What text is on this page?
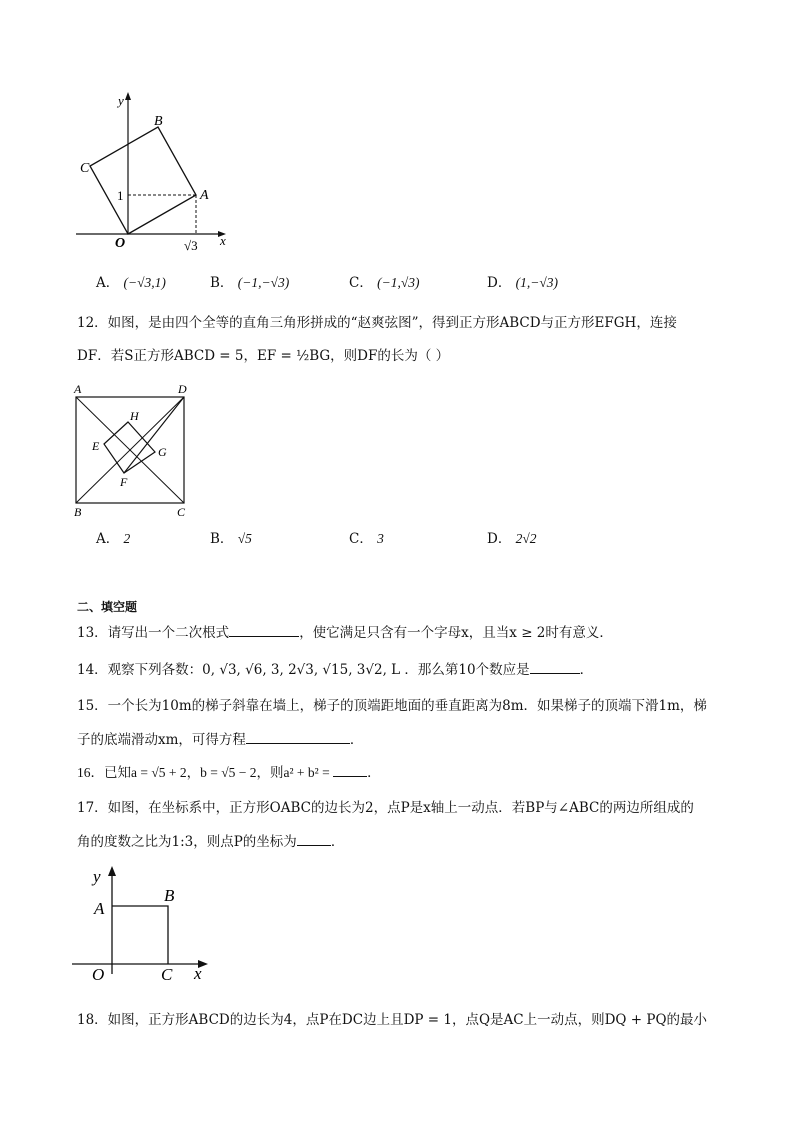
y
x
B
C
A
O
1
√3
A． (−√3,1)	B． (−1,−√3)	C． (−1,√3)	D． (1,−√3)
12．如图，是由四个全等的直角三角形拼成的“赵爽弦图”，得到正方形ABCD与正方形EFGH，连接
DF．若S正方形ABCD = 5，EF = ½BG，则DF的长为（ ）
A	D
B	C
E
F
G
H
A． 2	B． √5	C． 3	D． 2√2
二、填空题
13．请写出一个二次根式	，使它满足只含有一个字母x，且当x ≥ 2时有意义．
14．观察下列各数：0, √3, √6, 3, 2√3, √15, 3√2, L ．那么第10个数应是	．
15．一个长为10m的梯子斜靠在墙上，梯子的顶端距地面的垂直距离为8m．如果梯子的顶端下滑1m，梯
子的底端滑动xm，可得方程	．
16．已知a = √5 + 2，b = √5 − 2，则a² + b² =	．
17．如图，在坐标系中，正方形OABC的边长为2，点P是x轴上一动点．若BP与∠ABC的两边所组成的
角的度数之比为1:3，则点P的坐标为	．
y
A
B
O	C x
18．如图，正方形ABCD的边长为4，点P在DC边上且DP = 1，点Q是AC上一动点，则DQ + PQ的最小
